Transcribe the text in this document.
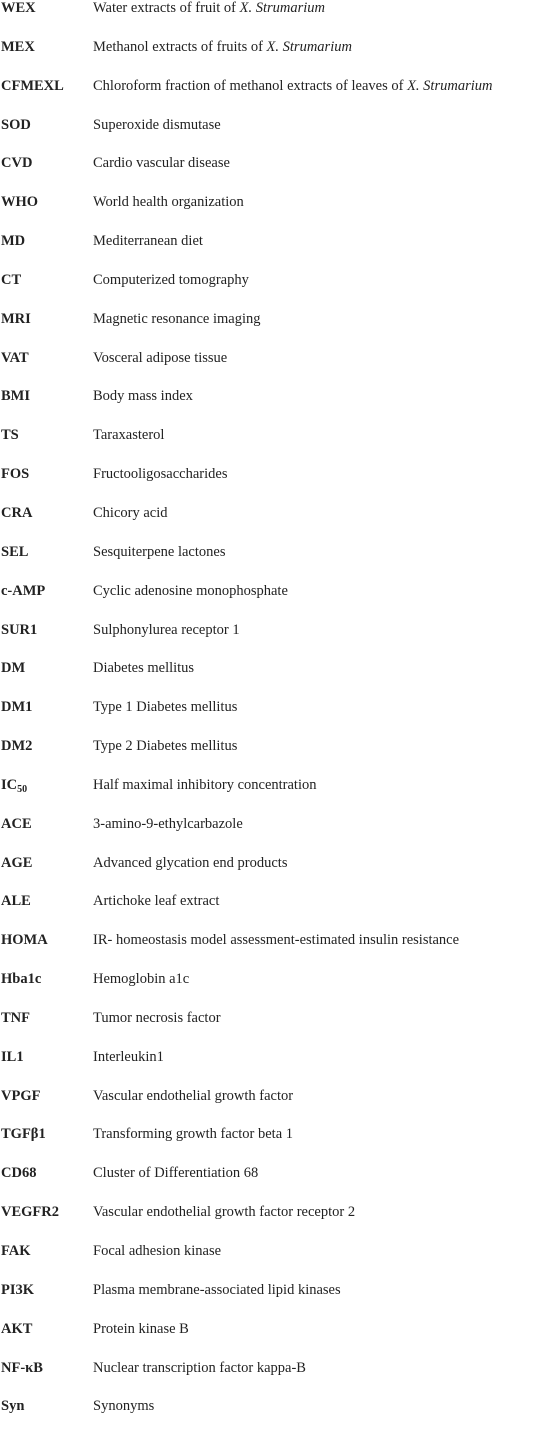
WEX	Water extracts of fruit of X. Strumarium
MEX	Methanol extracts of fruits of X. Strumarium
CFMEXL Chloroform fraction of methanol extracts of leaves of X. Strumarium
SOD	Superoxide dismutase
CVD	Cardio vascular disease
WHO	World health organization
MD	Mediterranean diet
CT	Computerized tomography
MRI	Magnetic resonance imaging
VAT	Vosceral adipose tissue
BMI	Body mass index
TS	Taraxasterol
FOS	Fructooligosaccharides
CRA	Chicory acid
SEL	Sesquiterpene lactones
c-AMP	Cyclic adenosine monophosphate
SUR1	Sulphonylurea receptor 1
DM	Diabetes mellitus
DM1	Type 1 Diabetes mellitus
DM2	Type 2 Diabetes mellitus
$IC_{50}$	Half maximal inhibitory concentration
ACE	3-amino-9-ethylcarbazole
AGE	Advanced glycation end products
ALE	Artichoke leaf extract
HOMA	IR- homeostasis model assessment-estimated insulin resistance
Hba1c	Hemoglobin a1c
TNF	Tumor necrosis factor
IL1	Interleukin1
VPGF	Vascular endothelial growth factor
TGFβ1	Transforming growth factor beta 1
CD68	Cluster of Differentiation 68
VEGFR2 Vascular endothelial growth factor receptor 2
FAK	Focal adhesion kinase
PI3K	Plasma membrane-associated lipid kinases
AKT	Protein kinase B
NF-κB	Nuclear transcription factor kappa-B
Syn	Synonyms
